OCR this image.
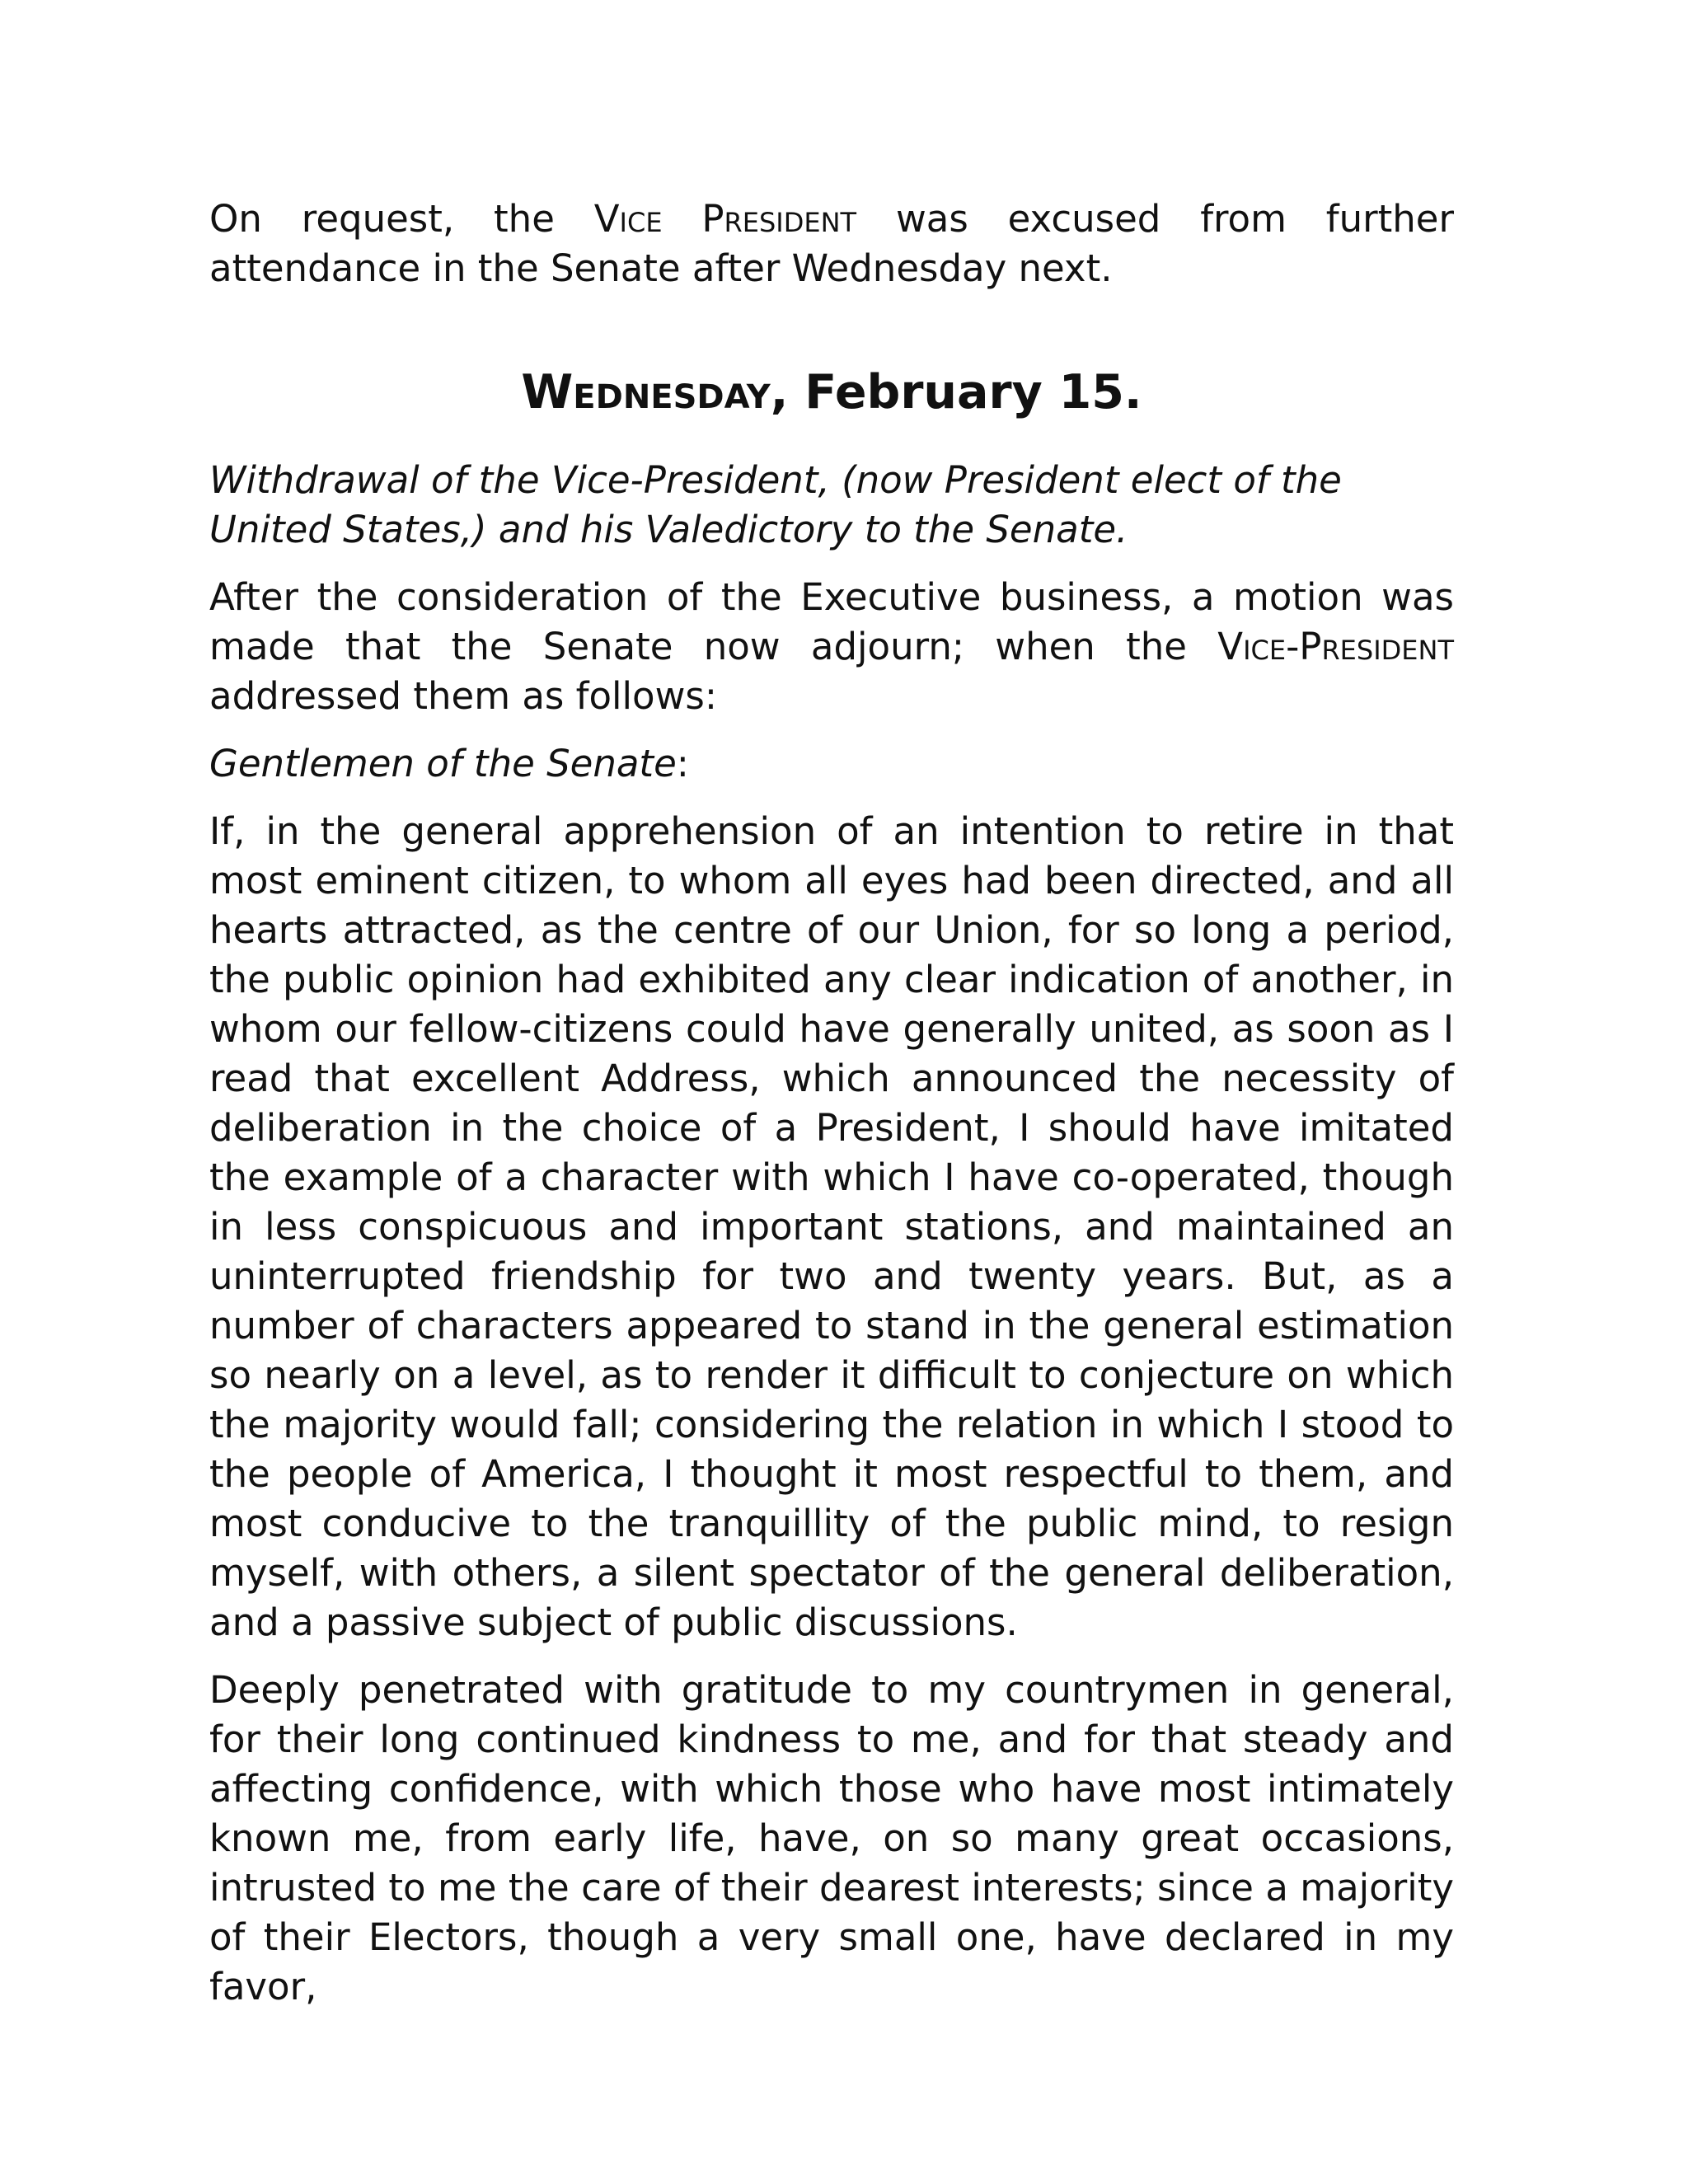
On request, the Vice President was excused from further attendance in the Senate after Wednesday next.

Wednesday, February 15.

Withdrawal of the Vice-President, (now President elect of the United States,) and his Valedictory to the Senate.

After the consideration of the Executive business, a motion was made that the Senate now adjourn; when the Vice-President addressed them as follows:

Gentlemen of the Senate:

If, in the general apprehension of an intention to retire in that most eminent citizen, to whom all eyes had been directed, and all hearts attracted, as the centre of our Union, for so long a period, the public opinion had exhibited any clear indication of another, in whom our fellow-citizens could have generally united, as soon as I read that excellent Address, which announced the necessity of deliberation in the choice of a President, I should have imitated the example of a character with which I have co-operated, though in less conspicuous and important stations, and maintained an uninterrupted friendship for two and twenty years. But, as a number of characters appeared to stand in the general estimation so nearly on a level, as to render it difficult to conjecture on which the majority would fall; considering the relation in which I stood to the people of America, I thought it most respectful to them, and most conducive to the tranquillity of the public mind, to resign myself, with others, a silent spectator of the general deliberation, and a passive subject of public discussions.

Deeply penetrated with gratitude to my countrymen in general, for their long continued kindness to me, and for that steady and affecting confidence, with which those who have most intimately known me, from early life, have, on so many great occasions, intrusted to me the care of their dearest interests; since a majority of their Electors, though a very small one, have declared in my favor,
